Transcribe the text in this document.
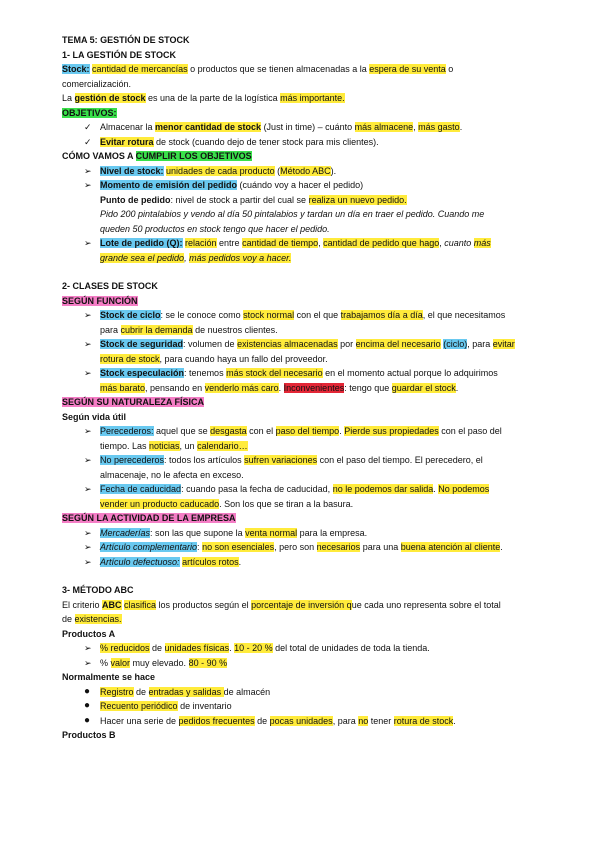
TEMA 5: GESTIÓN DE STOCK
1- LA GESTIÓN DE STOCK
Stock: cantidad de mercancías o productos que se tienen almacenadas a la espera de su venta o
comercialización.
La gestión de stock es una de la parte de la logística más importante.
OBJETIVOS:
✓ Almacenar la menor cantidad de stock (Just in time) – cuánto más almacene, más gasto.
✓ Evitar rotura de stock (cuando dejo de tener stock para mis clientes).
CÓMO VAMOS A CUMPLIR LOS OBJETIVOS
➢ Nivel de stock: unidades de cada producto (Método ABC).
➢ Momento de emisión del pedido (cuándo voy a hacer el pedido)
Punto de pedido: nivel de stock a partir del cual se realiza un nuevo pedido.
Pido 200 pintalabios y vendo al día 50 pintalabios y tardan un día en traer el pedido. Cuando me
queden 50 productos en stock tengo que hacer el pedido.
➢ Lote de pedido (Q): relación entre cantidad de tiempo, cantidad de pedido que hago, cuanto más
grande sea el pedido, más pedidos voy a hacer.
2- CLASES DE STOCK
SEGÚN FUNCIÓN
➢ Stock de ciclo: se le conoce como stock normal con el que trabajamos día a día, el que necesitamos
para cubrir la demanda de nuestros clientes.
➢ Stock de seguridad: volumen de existencias almacenadas por encima del necesario (ciclo), para evitar
rotura de stock, para cuando haya un fallo del proveedor.
➢ Stock especulación: tenemos más stock del necesario en el momento actual porque lo adquirimos
más barato, pensando en venderlo más caro. Inconvenientes: tengo que guardar el stock.
SEGÚN SU NATURALEZA FÍSICA
Según vida útil
➢ Perecederos: aquel que se desgasta con el paso del tiempo. Pierde sus propiedades con el paso del
tiempo. Las noticias, un calendario…
➢ No perecederos: todos los artículos sufren variaciones con el paso del tiempo. El perecedero, el
almacenaje, no le afecta en exceso.
➢ Fecha de caducidad: cuando pasa la fecha de caducidad, no le podemos dar salida. No podemos
vender un producto caducado. Son los que se tiran a la basura.
SEGÚN LA ACTIVIDAD DE LA EMPRESA
➢ Mercaderías: son las que supone la venta normal para la empresa.
➢ Artículo complementario: no son esenciales, pero son necesarios para una buena atención al cliente.
➢ Artículo defectuoso: artículos rotos.
3- MÉTODO ABC
El criterio ABC clasifica los productos según el porcentaje de inversión que cada uno representa sobre el total
de existencias.
Productos A
➢ % reducidos de unidades físicas. 10 - 20 % del total de unidades de toda la tienda.
➢ % valor muy elevado. 80 - 90 %
Normalmente se hace
● Registro de entradas y salidas de almacén
● Recuento periódico de inventario
● Hacer una serie de pedidos frecuentes de pocas unidades, para no tener rotura de stock.
Productos B
